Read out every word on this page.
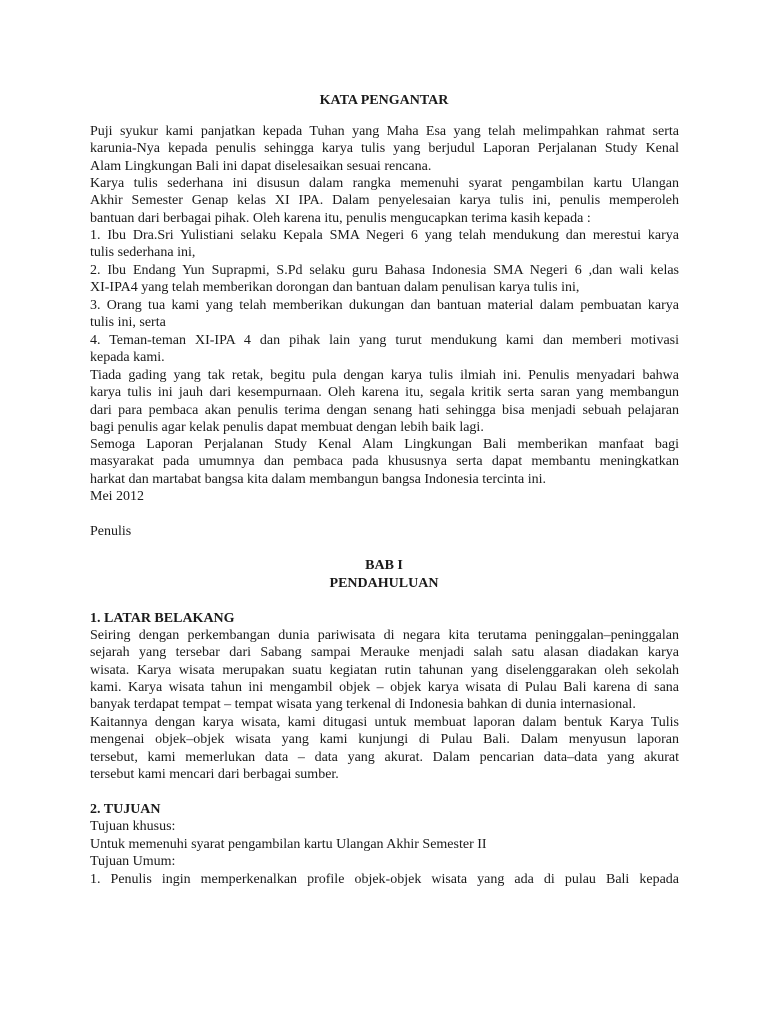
KATA PENGANTAR

Puji syukur kami panjatkan kepada Tuhan yang Maha Esa yang telah melimpahkan rahmat serta
karunia-Nya kepada penulis sehingga karya tulis yang berjudul Laporan Perjalanan Study Kenal
Alam Lingkungan Bali ini dapat diselesaikan sesuai rencana.
Karya tulis sederhana ini disusun dalam rangka memenuhi syarat pengambilan kartu Ulangan
Akhir Semester Genap kelas XI IPA. Dalam penyelesaian karya tulis ini, penulis memperoleh
bantuan dari berbagai pihak. Oleh karena itu, penulis mengucapkan terima kasih kepada :
1. Ibu Dra.Sri Yulistiani selaku Kepala SMA Negeri 6 yang telah mendukung dan merestui karya
tulis sederhana ini,
2. Ibu Endang Yun Suprapmi, S.Pd selaku guru Bahasa Indonesia SMA Negeri 6 ,dan wali kelas
XI-IPA4 yang telah memberikan dorongan dan bantuan dalam penulisan karya tulis ini,
3. Orang tua kami yang telah memberikan dukungan dan bantuan material dalam pembuatan karya
tulis ini, serta
4. Teman-teman XI-IPA 4 dan pihak lain yang turut mendukung kami dan memberi motivasi
kepada kami.
Tiada gading yang tak retak, begitu pula dengan karya tulis ilmiah ini. Penulis menyadari bahwa
karya tulis ini jauh dari kesempurnaan. Oleh karena itu, segala kritik serta saran yang membangun
dari para pembaca akan penulis terima dengan senang hati sehingga bisa menjadi sebuah pelajaran
bagi penulis agar kelak penulis dapat membuat dengan lebih baik lagi.
Semoga Laporan Perjalanan Study Kenal Alam Lingkungan Bali memberikan manfaat bagi
masyarakat pada umumnya dan pembaca pada khususnya serta dapat membantu meningkatkan
harkat dan martabat bangsa kita dalam membangun bangsa Indonesia tercinta ini.

Mei 2012

Penulis

BAB I

PENDAHULUAN

1. LATAR BELAKANG

Seiring dengan perkembangan dunia pariwisata di negara kita terutama peninggalan–peninggalan
sejarah yang tersebar dari Sabang sampai Merauke menjadi salah satu alasan diadakan karya
wisata. Karya wisata merupakan suatu kegiatan rutin tahunan yang diselenggarakan oleh sekolah
kami. Karya wisata tahun ini mengambil objek – objek karya wisata di Pulau Bali karena di sana
banyak terdapat tempat – tempat wisata yang terkenal di Indonesia bahkan di dunia internasional.
Kaitannya dengan karya wisata, kami ditugasi untuk membuat laporan dalam bentuk Karya Tulis
mengenai objek–objek wisata yang kami kunjungi di Pulau Bali. Dalam menyusun laporan
tersebut, kami memerlukan data – data yang akurat. Dalam pencarian data–data yang akurat
tersebut kami mencari dari berbagai sumber.

2. TUJUAN

Tujuan khusus:

Untuk memenuhi syarat pengambilan kartu Ulangan Akhir Semester II

Tujuan Umum:

1. Penulis ingin memperkenalkan profile objek-objek wisata yang ada di pulau Bali kepada
